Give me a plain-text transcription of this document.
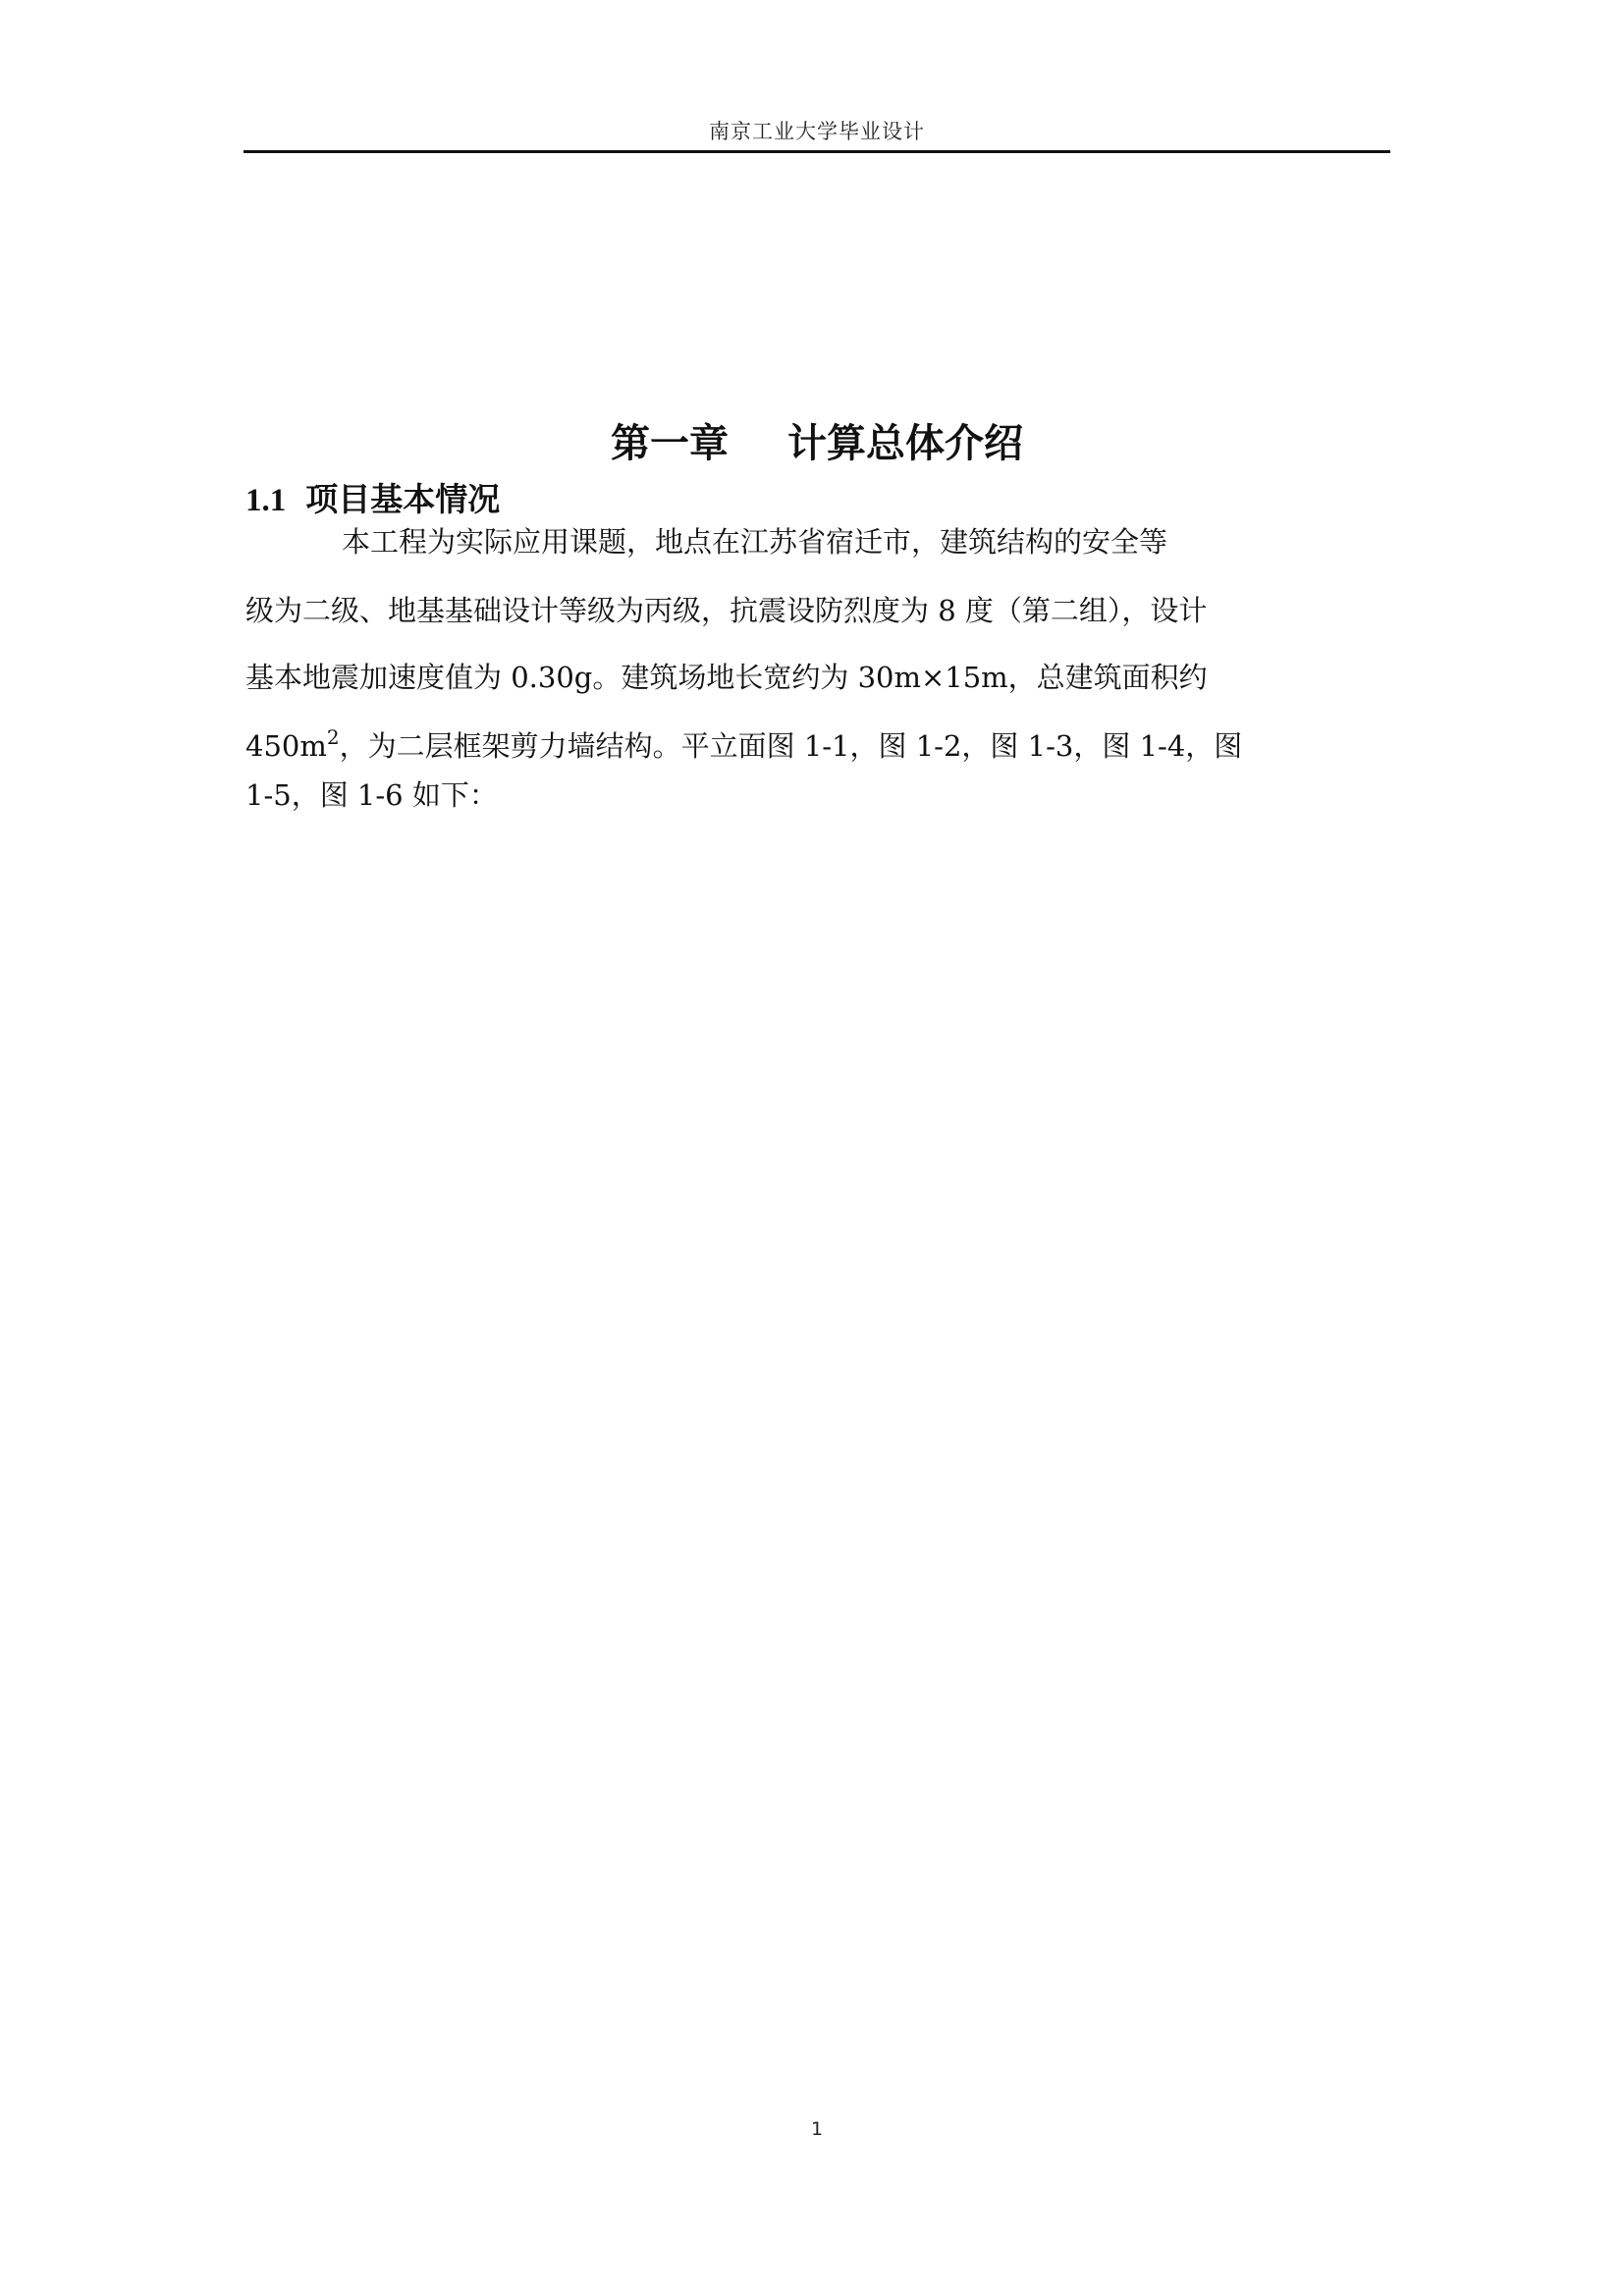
南京工业大学毕业设计
第一章 计算总体介绍
1.1 项目基本情况
本工程为实际应用课题，地点在江苏省宿迁市，建筑结构的安全等
级为二级、地基基础设计等级为丙级，抗震设防烈度为 8 度（第二组），设计
基本地震加速度值为 0.30g。建筑场地长宽约为 30m×15m，总建筑面积约
$450m^2$，为二层框架剪力墙结构。平立面图 1-1，图 1-2，图 1-3，图 1-4，图
1-5，图 1-6 如下：
1
